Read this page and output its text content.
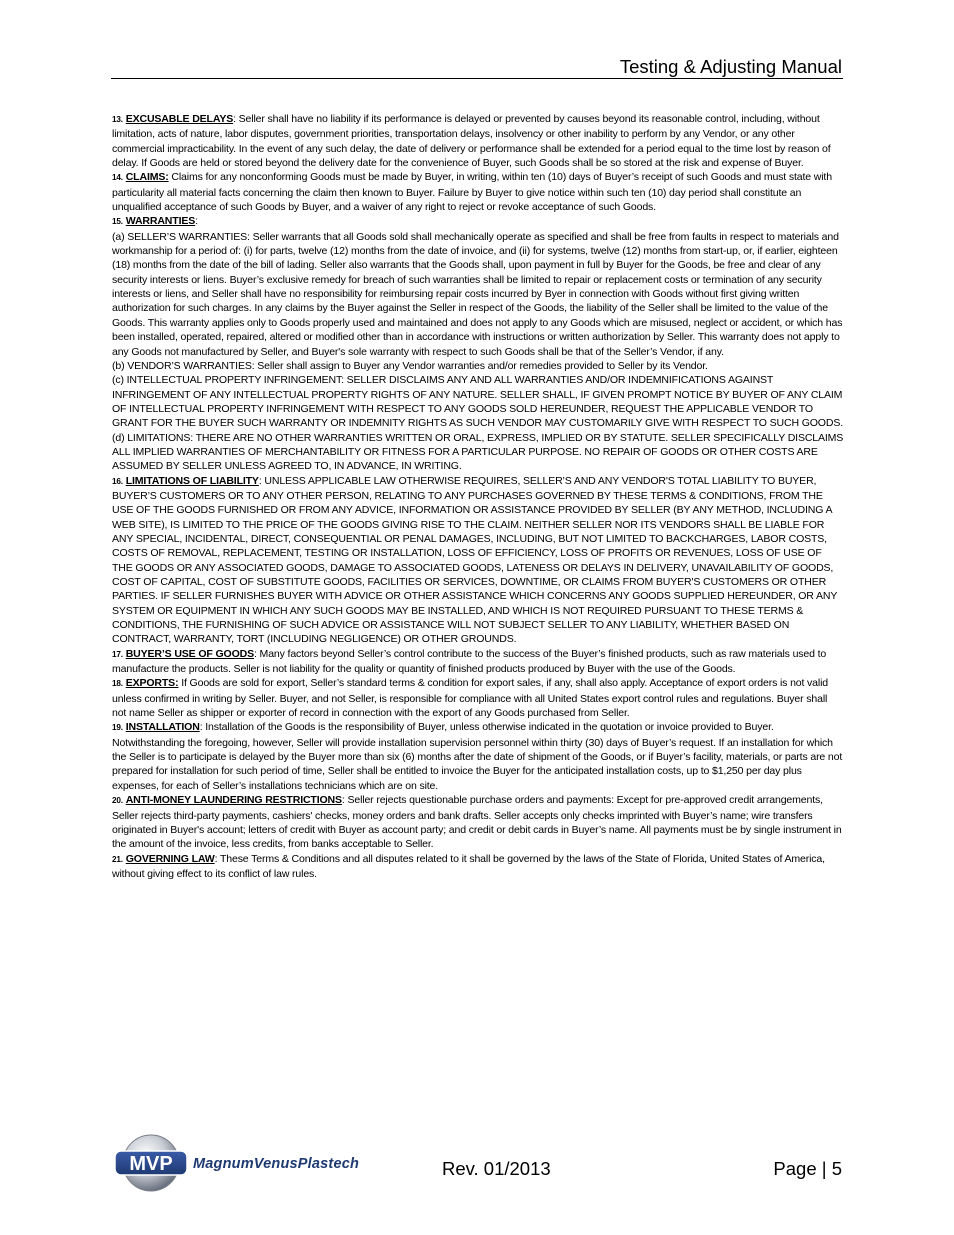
Testing & Adjusting Manual

13. EXCUSABLE DELAYS: Seller shall have no liability if its performance is delayed or prevented by causes beyond its reasonable control, including, without limitation, acts of nature, labor disputes, government priorities, transportation delays, insolvency or other inability to perform by any Vendor, or any other commercial impracticability. In the event of any such delay, the date of delivery or performance shall be extended for a period equal to the time lost by reason of delay. If Goods are held or stored beyond the delivery date for the convenience of Buyer, such Goods shall be so stored at the risk and expense of Buyer.

14. CLAIMS: Claims for any nonconforming Goods must be made by Buyer, in writing, within ten (10) days of Buyer’s receipt of such Goods and must state with particularity all material facts concerning the claim then known to Buyer. Failure by Buyer to give notice within such ten (10) day period shall constitute an unqualified acceptance of such Goods by Buyer, and a waiver of any right to reject or revoke acceptance of such Goods.

15. WARRANTIES:

(a) SELLER’S WARRANTIES: Seller warrants that all Goods sold shall mechanically operate as specified and shall be free from faults in respect to materials and workmanship for a period of: (i) for parts, twelve (12) months from the date of invoice, and (ii) for systems, twelve (12) months from start-up, or, if earlier, eighteen (18) months from the date of the bill of lading. Seller also warrants that the Goods shall, upon payment in full by Buyer for the Goods, be free and clear of any security interests or liens. Buyer’s exclusive remedy for breach of such warranties shall be limited to repair or replacement costs or termination of any security interests or liens, and Seller shall have no responsibility for reimbursing repair costs incurred by Byer in connection with Goods without first giving written authorization for such charges. In any claims by the Buyer against the Seller in respect of the Goods, the liability of the Seller shall be limited to the value of the Goods. This warranty applies only to Goods properly used and maintained and does not apply to any Goods which are misused, neglect or accident, or which has been installed, operated, repaired, altered or modified other than in accordance with instructions or written authorization by Seller. This warranty does not apply to any Goods not manufactured by Seller, and Buyer's sole warranty with respect to such Goods shall be that of the Seller’s Vendor, if any.

(b) VENDOR’S WARRANTIES: Seller shall assign to Buyer any Vendor warranties and/or remedies provided to Seller by its Vendor.

(c) INTELLECTUAL PROPERTY INFRINGEMENT: SELLER DISCLAIMS ANY AND ALL WARRANTIES AND/OR INDEMNIFICATIONS AGAINST INFRINGEMENT OF ANY INTELLECTUAL PROPERTY RIGHTS OF ANY NATURE. SELLER SHALL, IF GIVEN PROMPT NOTICE BY BUYER OF ANY CLAIM OF INTELLECTUAL PROPERTY INFRINGEMENT WITH RESPECT TO ANY GOODS SOLD HEREUNDER, REQUEST THE APPLICABLE VENDOR TO GRANT FOR THE BUYER SUCH WARRANTY OR INDEMNITY RIGHTS AS SUCH VENDOR MAY CUSTOMARILY GIVE WITH RESPECT TO SUCH GOODS.

(d) LIMITATIONS: THERE ARE NO OTHER WARRANTIES WRITTEN OR ORAL, EXPRESS, IMPLIED OR BY STATUTE. SELLER SPECIFICALLY DISCLAIMS ALL IMPLIED WARRANTIES OF MERCHANTABILITY OR FITNESS FOR A PARTICULAR PURPOSE. NO REPAIR OF GOODS OR OTHER COSTS ARE ASSUMED BY SELLER UNLESS AGREED TO, IN ADVANCE, IN WRITING.

16. LIMITATIONS OF LIABILITY: UNLESS APPLICABLE LAW OTHERWISE REQUIRES, SELLER’S AND ANY VENDOR'S TOTAL LIABILITY TO BUYER, BUYER’S CUSTOMERS OR TO ANY OTHER PERSON, RELATING TO ANY PURCHASES GOVERNED BY THESE TERMS & CONDITIONS, FROM THE USE OF THE GOODS FURNISHED OR FROM ANY ADVICE, INFORMATION OR ASSISTANCE PROVIDED BY SELLER (BY ANY METHOD, INCLUDING A WEB SITE), IS LIMITED TO THE PRICE OF THE GOODS GIVING RISE TO THE CLAIM. NEITHER SELLER NOR ITS VENDORS SHALL BE LIABLE FOR ANY SPECIAL, INCIDENTAL, DIRECT, CONSEQUENTIAL OR PENAL DAMAGES, INCLUDING, BUT NOT LIMITED TO BACKCHARGES, LABOR COSTS, COSTS OF REMOVAL, REPLACEMENT, TESTING OR INSTALLATION, LOSS OF EFFICIENCY, LOSS OF PROFITS OR REVENUES, LOSS OF USE OF THE GOODS OR ANY ASSOCIATED GOODS, DAMAGE TO ASSOCIATED GOODS, LATENESS OR DELAYS IN DELIVERY, UNAVAILABILITY OF GOODS, COST OF CAPITAL, COST OF SUBSTITUTE GOODS, FACILITIES OR SERVICES, DOWNTIME, OR CLAIMS FROM BUYER'S CUSTOMERS OR OTHER PARTIES. IF SELLER FURNISHES BUYER WITH ADVICE OR OTHER ASSISTANCE WHICH CONCERNS ANY GOODS SUPPLIED HEREUNDER, OR ANY SYSTEM OR EQUIPMENT IN WHICH ANY SUCH GOODS MAY BE INSTALLED, AND WHICH IS NOT REQUIRED PURSUANT TO THESE TERMS & CONDITIONS, THE FURNISHING OF SUCH ADVICE OR ASSISTANCE WILL NOT SUBJECT SELLER TO ANY LIABILITY, WHETHER BASED ON CONTRACT, WARRANTY, TORT (INCLUDING NEGLIGENCE) OR OTHER GROUNDS.

17. BUYER’S USE OF GOODS: Many factors beyond Seller’s control contribute to the success of the Buyer’s finished products, such as raw materials used to manufacture the products. Seller is not liability for the quality or quantity of finished products produced by Buyer with the use of the Goods.

18. EXPORTS: If Goods are sold for export, Seller’s standard terms & condition for export sales, if any, shall also apply. Acceptance of export orders is not valid unless confirmed in writing by Seller. Buyer, and not Seller, is responsible for compliance with all United States export control rules and regulations. Buyer shall not name Seller as shipper or exporter of record in connection with the export of any Goods purchased from Seller.

19. INSTALLATION: Installation of the Goods is the responsibility of Buyer, unless otherwise indicated in the quotation or invoice provided to Buyer. Notwithstanding the foregoing, however, Seller will provide installation supervision personnel within thirty (30) days of Buyer’s request. If an installation for which the Seller is to participate is delayed by the Buyer more than six (6) months after the date of shipment of the Goods, or if Buyer’s facility, materials, or parts are not prepared for installation for such period of time, Seller shall be entitled to invoice the Buyer for the anticipated installation costs, up to $1,250 per day plus expenses, for each of Seller’s installations technicians which are on site.

20. ANTI-MONEY LAUNDERING RESTRICTIONS: Seller rejects questionable purchase orders and payments: Except for pre-approved credit arrangements, Seller rejects third-party payments, cashiers' checks, money orders and bank drafts. Seller accepts only checks imprinted with Buyer’s name; wire transfers originated in Buyer's account; letters of credit with Buyer as account party; and credit or debit cards in Buyer’s name. All payments must be by single instrument in the amount of the invoice, less credits, from banks acceptable to Seller.

21. GOVERNING LAW: These Terms & Conditions and all disputes related to it shall be governed by the laws of the State of Florida, United States of America, without giving effect to its conflict of law rules.

MVP MagnumVenusPlastech	Rev. 01/2013	Page | 5
